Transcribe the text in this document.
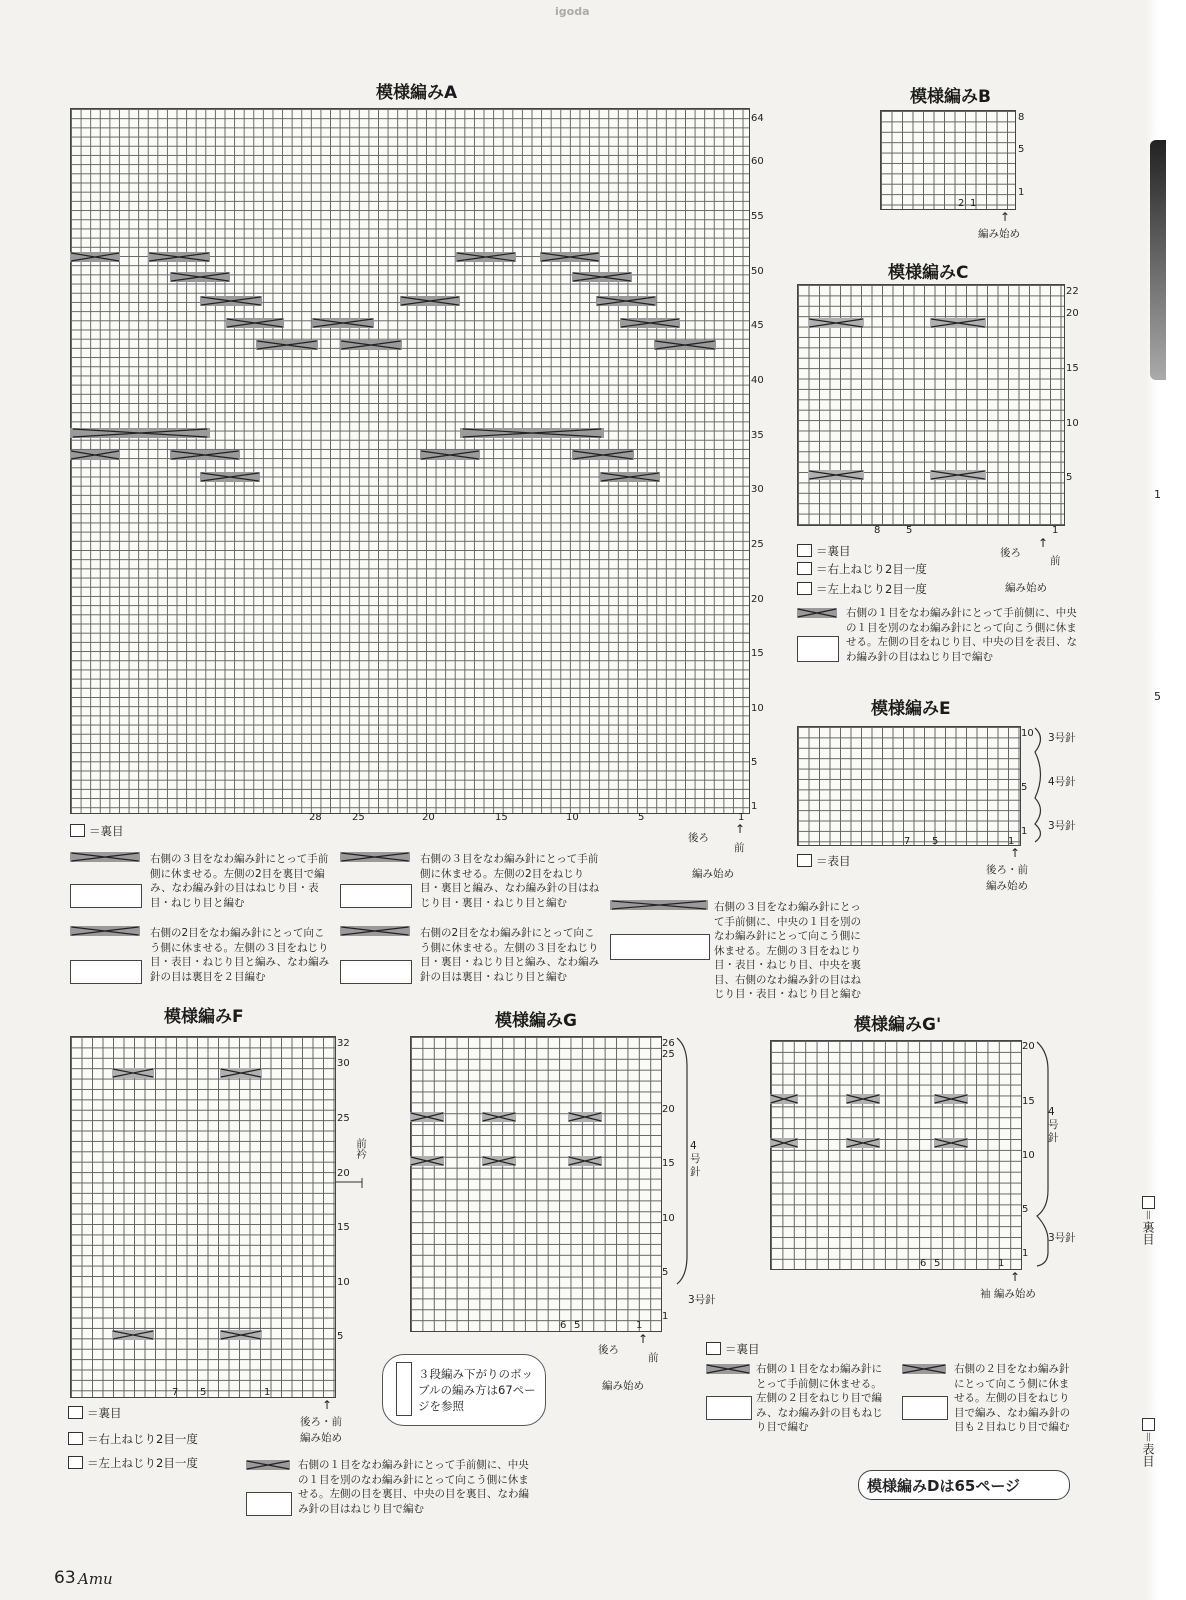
igoda
模様編みA
64
60
55
50
45
40
35
30
25
20
15
10
5
1
28	25	20	15	10	5	1
後ろ
前
↑
編み始め
模様編みB
8
5
1
2 1
↑
編み始め
模様編みC
22
20
15
10
5
8	5	1
＝裏目
＝右上ねじり2目一度
＝左上ねじり2目一度
後ろ
前
↑
編み始め
右側の１目をなわ編み針にとって手前側に、中央の１目を別のなわ編み針にとって向こう側に休ませる。左側の目をねじり目、中央の目を表目、なわ編み針の目はねじり目で編む
模様編みE
10
5
1
7 5	1
3号針
4号針
3号針
＝表目
↑
後ろ・前
編み始め
＝裏目
右側の３目をなわ編み針にとって手前側に休ませる。左側の2目を裏目で編み、なわ編み針の目はねじり目・表目・ねじり目と編む
右側の３目をなわ編み針にとって手前側に休ませる。左側の2目をねじり目・裏目と編み、なわ編み針の目はねじり目・裏目・ねじり目と編む	右側の３目をなわ編み針にとって手前側に、中央の１目を別のなわ編み針にとって向こう側に休ませる。左側の３目をねじり目・表目・ねじり目、中央を裏目、右側のなわ編み針の目はねじり目・表目・ねじり目と編む
右側の2目をなわ編み針にとって向こう側に休ませる。左側の３目をねじり目・表目・ねじり目と編み、なわ編み針の目は裏目を２目編む
右側の2目をなわ編み針にとって向こう側に休ませる。左側の３目をねじり目・裏目・ねじり目と編み、なわ編み針の目は裏目・ねじり目と編む
模様編みF
32
30
25
20
15
10
5
7 5	1
前衿
↑
後ろ・前
編み始め
＝裏目
＝右上ねじり2目一度
＝左上ねじり2目一度	右側の１目をなわ編み針にとって手前側に、中央の１目を別のなわ編み針にとって向こう側に休ませる。左側の目を裏目、中央の目を裏目、なわ編み針の目はねじり目で編む
模様編みG
26
25
20
15
10
5
1
6 5	1
4号針
3号針
後ろ
前
↑
編み始め
３段編み下がりのボッブルの編み方は67ページを参照
模様編みG'
20
15
10
5
1
6 5	1
4号針
3号針
↑
袖 編み始め
＝裏目
右側の１目をなわ編み針にとって手前側に休ませる。左側の２目をねじり目で編み、なわ編み針の目もねじり目で編む
右側の２目をなわ編み針にとって向こう側に休ませる。左側の目をねじり目で編み、なわ編み針の目も２目ねじり目で編む
63 Amu
模様編みDは65ページ
1
5
＝裏目
＝表目
